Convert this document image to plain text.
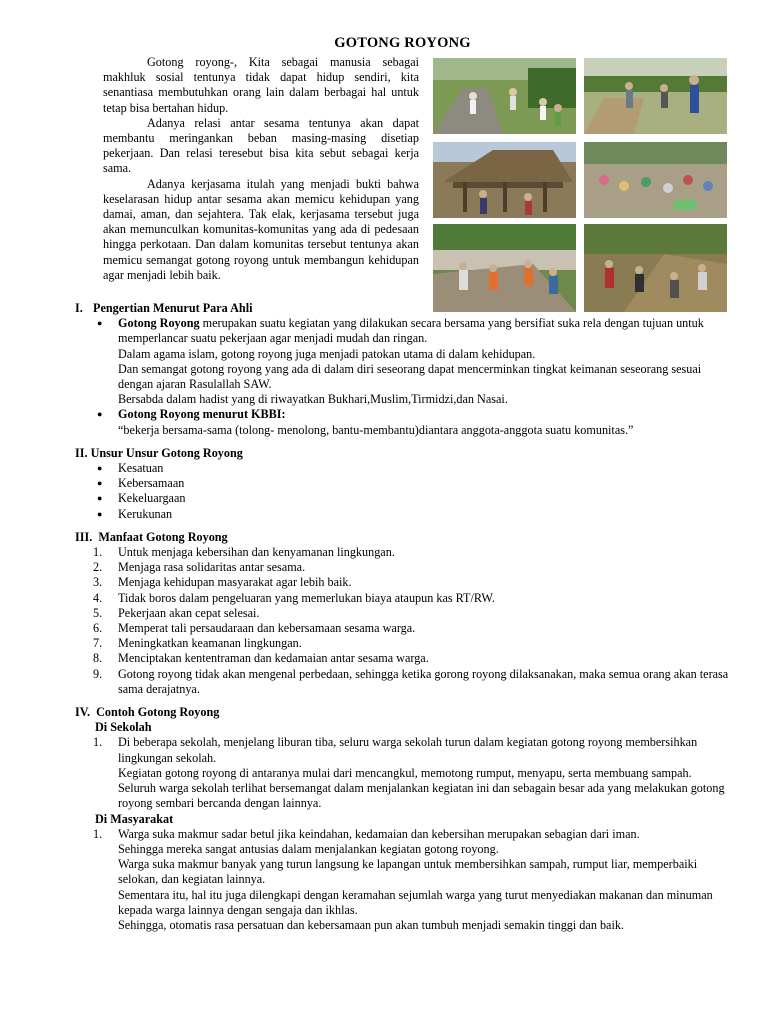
GOTONG ROYONG

Gotong royong-, Kita sebagai manusia sebagai makhluk sosial tentunya tidak dapat hidup sendiri, kita senantiasa membutuhkan orang lain dalam berbagai hal untuk tetap bisa bertahan hidup.

Adanya relasi antar sesama tentunya akan dapat membantu meringankan beban masing-masing disetiap pekerjaan. Dan relasi teresebut bisa kita sebut sebagai kerja sama.

Adanya kerjasama itulah yang menjadi bukti bahwa keselarasan hidup antar sesama akan memicu kehidupan yang damai, aman, dan sejahtera. Tak elak, kerjasama tersebut juga akan memunculkan komunitas-komunitas yang ada di pedesaan hingga perkotaan. Dan dalam komunitas tersebut tentunya akan memicu semangat gotong royong untuk membangun kehidupan agar menjadi lebih baik.

I. Pengertian Menurut Para Ahli
● Gotong Royong merupakan suatu kegiatan yang dilakukan secara bersama yang bersifiat suka rela dengan tujuan untuk memperlancar suatu pekerjaan agar menjadi mudah dan ringan.
Dalam agama islam, gotong royong juga menjadi patokan utama di dalam kehidupan.
Dan semangat gotong royong yang ada di dalam diri seseorang dapat mencerminkan tingkat keimanan seseorang sesuai dengan ajaran Rasulallah SAW.
Bersabda dalam hadist yang di riwayatkan Bukhari,Muslim,Tirmidzi,dan Nasai.
● Gotong Royong menurut KBBI:
“bekerja bersama-sama (tolong- menolong, bantu-membantu)diantara anggota-anggota suatu komunitas.”
II. Unsur Unsur Gotong Royong
● Kesatuan
● Kebersamaan
● Kekeluargaan
● Kerukunan
III. Manfaat Gotong Royong
1. Untuk menjaga kebersihan dan kenyamanan lingkungan.
2. Menjaga rasa solidaritas antar sesama.
3. Menjaga kehidupan masyarakat agar lebih baik.
4. Tidak boros dalam pengeluaran yang memerlukan biaya ataupun kas RT/RW.
5. Pekerjaan akan cepat selesai.
6. Memperat tali persaudaraan dan kebersamaan sesama warga.
7. Meningkatkan keamanan lingkungan.
8. Menciptakan kententraman dan kedamaian antar sesama warga.
9. Gotong royong tidak akan mengenal perbedaan, sehingga ketika gorong royong dilaksanakan, maka semua orang akan terasa sama derajatnya.
IV. Contoh Gotong Royong
Di Sekolah
1. Di beberapa sekolah, menjelang liburan tiba, seluru warga sekolah turun dalam kegiatan gotong royong membersihkan lingkungan sekolah.
Kegiatan gotong royong di antaranya mulai dari mencangkul, memotong rumput, menyapu, serta membuang sampah.
Seluruh warga sekolah terlihat bersemangat dalam menjalankan kegiatan ini dan sebagain besar ada yang melakukan gotong royong sembari bercanda dengan lainnya.
Di Masyarakat
1. Warga suka makmur sadar betul jika keindahan, kedamaian dan kebersihan merupakan sebagian dari iman.
Sehingga mereka sangat antusias dalam menjalankan kegiatan gotong royong.
Warga suka makmur banyak yang turun langsung ke lapangan untuk membersihkan sampah, rumput liar, memperbaiki selokan, dan kegiatan lainnya.
Sementara itu, hal itu juga dilengkapi dengan keramahan sejumlah warga yang turut menyediakan makanan dan minuman kepada warga lainnya dengan sengaja dan ikhlas.
Sehingga, otomatis rasa persatuan dan kebersamaan pun akan tumbuh menjadi semakin tinggi dan baik.
